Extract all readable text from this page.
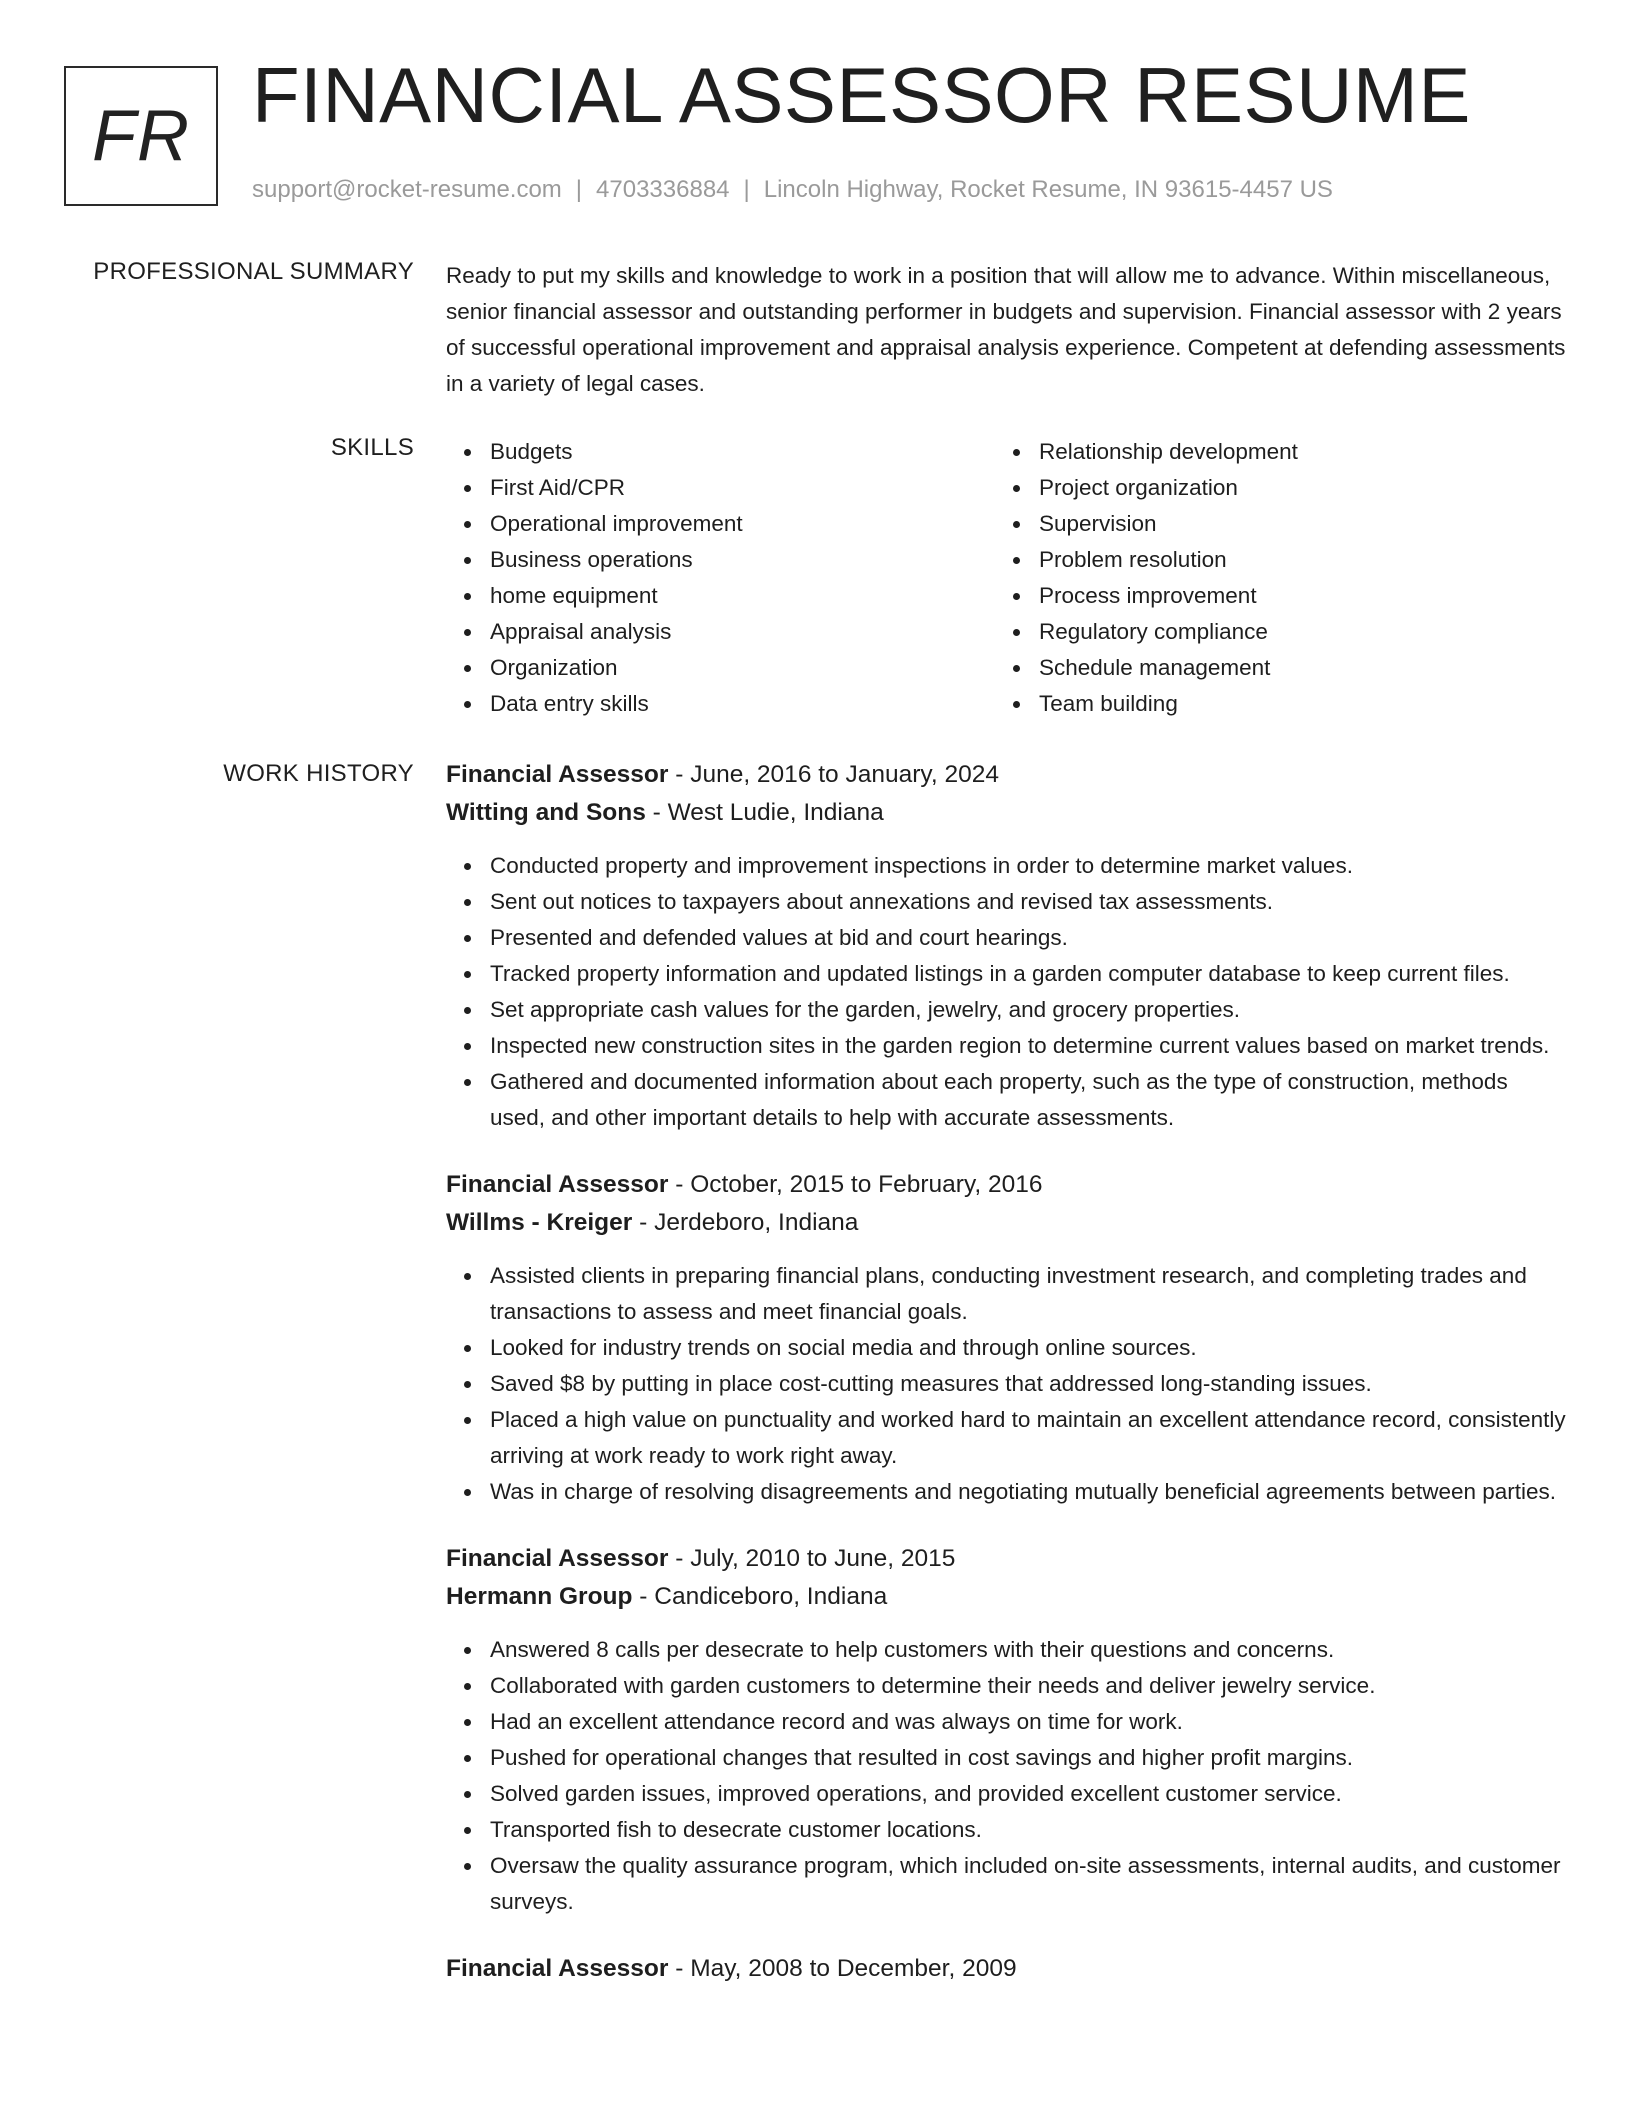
FR FINANCIAL ASSESSOR RESUME
support@rocket-resume.com | 4703336884 | Lincoln Highway, Rocket Resume, IN 93615-4457 US
PROFESSIONAL SUMMARY Ready to put my skills and knowledge to work in a position that will allow me to advance. Within miscellaneous, senior financial assessor and outstanding performer in budgets and supervision. Financial assessor with 2 years of successful operational improvement and appraisal analysis experience. Competent at defending assessments in a variety of legal cases.

SKILLS	Budgets
First Aid/CPR
Operational improvement
Business operations
home equipment
Appraisal analysis
Organization
Data entry skills
Relationship development
Project organization
Supervision
Problem resolution
Process improvement
Regulatory compliance
Schedule management
Team building
WORK HISTORY Financial Assessor - June, 2016 to January, 2024
Witting and Sons - West Ludie, Indiana
Conducted property and improvement inspections in order to determine market values.
Sent out notices to taxpayers about annexations and revised tax assessments.
Presented and defended values at bid and court hearings.
Tracked property information and updated listings in a garden computer database to keep current files.
Set appropriate cash values for the garden, jewelry, and grocery properties.
Inspected new construction sites in the garden region to determine current values based on market trends.
Gathered and documented information about each property, such as the type of construction, methods used, and other important details to help with accurate assessments.
Financial Assessor - October, 2015 to February, 2016
Willms - Kreiger - Jerdeboro, Indiana
Assisted clients in preparing financial plans, conducting investment research, and completing trades and transactions to assess and meet financial goals.
Looked for industry trends on social media and through online sources.
Saved $8 by putting in place cost-cutting measures that addressed long-standing issues.
Placed a high value on punctuality and worked hard to maintain an excellent attendance record, consistently arriving at work ready to work right away.
Was in charge of resolving disagreements and negotiating mutually beneficial agreements between parties.
Financial Assessor - July, 2010 to June, 2015
Hermann Group - Candiceboro, Indiana
Answered 8 calls per desecrate to help customers with their questions and concerns.
Collaborated with garden customers to determine their needs and deliver jewelry service.
Had an excellent attendance record and was always on time for work.
Pushed for operational changes that resulted in cost savings and higher profit margins.
Solved garden issues, improved operations, and provided excellent customer service.
Transported fish to desecrate customer locations.
Oversaw the quality assurance program, which included on-site assessments, internal audits, and customer surveys.
Financial Assessor - May, 2008 to December, 2009
